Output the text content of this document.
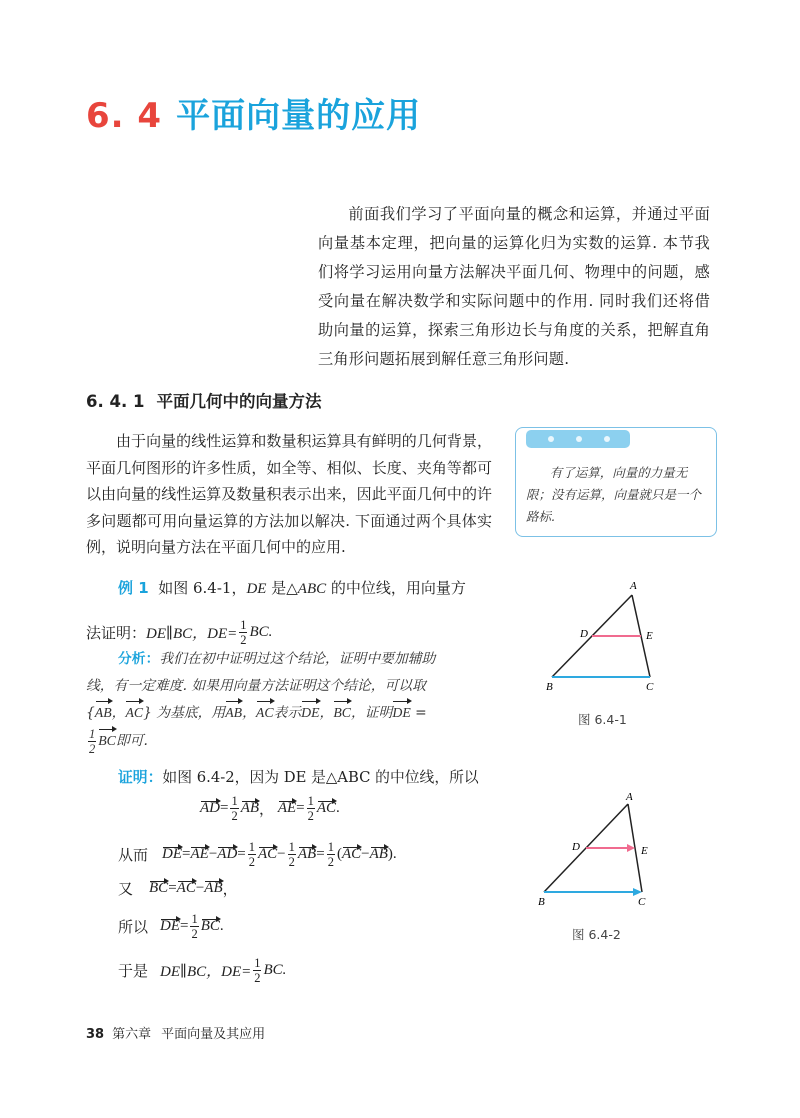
6. 4 平面向量的应用

前面我们学习了平面向量的概念和运算，并通过平面向量基本定理，把向量的运算化归为实数的运算. 本节我们将学习运用向量方法解决平面几何、物理中的问题，感受向量在解决数学和实际问题中的作用. 同时我们还将借助向量的运算，探索三角形边长与角度的关系，把解直角三角形问题拓展到解任意三角形问题.

6. 4. 1 平面几何中的向量方法

由于向量的线性运算和数量积运算具有鲜明的几何背景，平面几何图形的许多性质，如全等、相似、长度、夹角等都可以由向量的线性运算及数量积表示出来，因此平面几何中的许多问题都可用向量运算的方法加以解决. 下面通过两个具体实例，说明向量方法在平面几何中的应用.

有了运算，向量的力量无限；没有运算，向量就只是一个路标.
例 1 如图 6.4-1，DE 是△ABC 的中位线，用向量方
法证明： DE∥BC，$DE= \frac{1}{2}$ BC.
分析：我们在初中证明过这个结论，证明中要加辅助
线，有一定难度. 如果用向量方法证明这个结论，可以取
{AB，AC} 为基底，用AB，AC表示DE，BC，证明DE =
$\frac{1}{2}$ BC 即可.
证明：如图 6.4-2，因为 DE 是△ABC 的中位线，所以
AD = $\frac{1}{2}$ AB ， AE = $\frac{1}{2}$ AC .
从而 DE = AE − AD = $\frac{1}{2}$ AC − $\frac{1}{2}$ AB = $\frac{1}{2}$ ( AC − AB ).
又 BC = AC − AB ，
所以 DE = $\frac{1}{2}$ BC .
于是 DE∥BC，$DE= \frac{1}{2}$ BC.
A
D	E
B	C
图 6.4-1
A
D	E
B	C
图 6.4-2
38 第六章 平面向量及其应用
